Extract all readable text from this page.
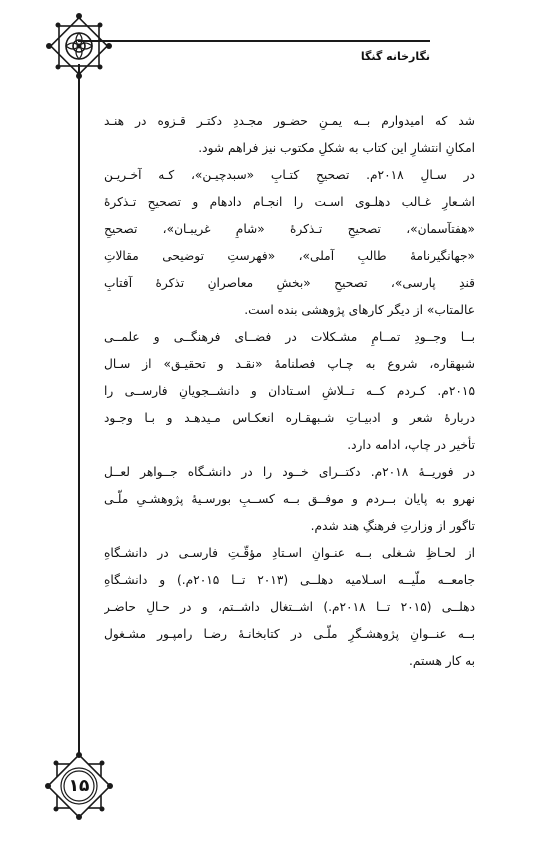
نگارخانه گنگا
شد که امیدوارم بــه یمـنِ حضـور مجـددِ دکتـر قـزوه در هنـد
امکانِ انتشارِ این کتاب به شکلِ مکتوب نیز فراهم شود.
در سـالِ ۲۰۱۸م. تصحیحِ کتـابِ «سبدچیـن»، کـه آخـریـن
اشـعارِ غـالب دهلـوی اسـت را انجـام دادهام و تصحیحِ تـذکرۀ
«هفتآسمان»، تصحیحِ تـذکرۀ «شامِ غریبـان»، تصحیحِ
«جهانگیرنامۀ طالبِ آملی»، «فهرستِ توضیحی مقالاتِ
قندِ پارسی»، تصحیحِ «بخشِ معاصرانِ تذکرۀ آفتابِ
عالمتاب» از دیگر کارهای پژوهشی بنده است.
بــا وجــودِ تمــامِ مشـکلات در فضــای فرهنگــی و علمــی
شبهقاره، شروع به چـاپ فصلنامۀ «نقـد و تحقیـق» از سـال
۲۰۱۵م. کـردم کــه تــلاشِ اسـتادان و دانشــجویانِ فارســی را
دربارۀ شعر و ادبیـاتِ شـبهقـاره انعکـاس مـیدهـد و بـا وجـود
تأخیر در چاپ، ادامه دارد.
در فوریــۀ ۲۰۱۸م. دکتــرای خــود را در دانشـگاه جــواهر لعــل
نهرو به پایان بــردم و موفــق بــه کســبِ بورسـیۀ پژوهشـیِ ملّـی
تاگور از وزارتِ فرهنگِ هند شدم.
از لحـاظِ شـغلی بــه عنـوانِ اسـتادِ مؤقّـتِ فارسـی در دانشـگاهِ
جامعــه ملّیــه اسـلامیه دهلــی (۲۰۱۳ تــا ۲۰۱۵م.) و دانشـگاهِ
دهلــی (۲۰۱۵ تــا ۲۰۱۸م.) اشــتغال داشــتم، و در حـالِ حاضـر
بــه عنــوانِ پژوهشـگرِ ملّـی در کتابخانـۀ رضـا رامپـور مشـغول
به کار هستم.
۱۵
